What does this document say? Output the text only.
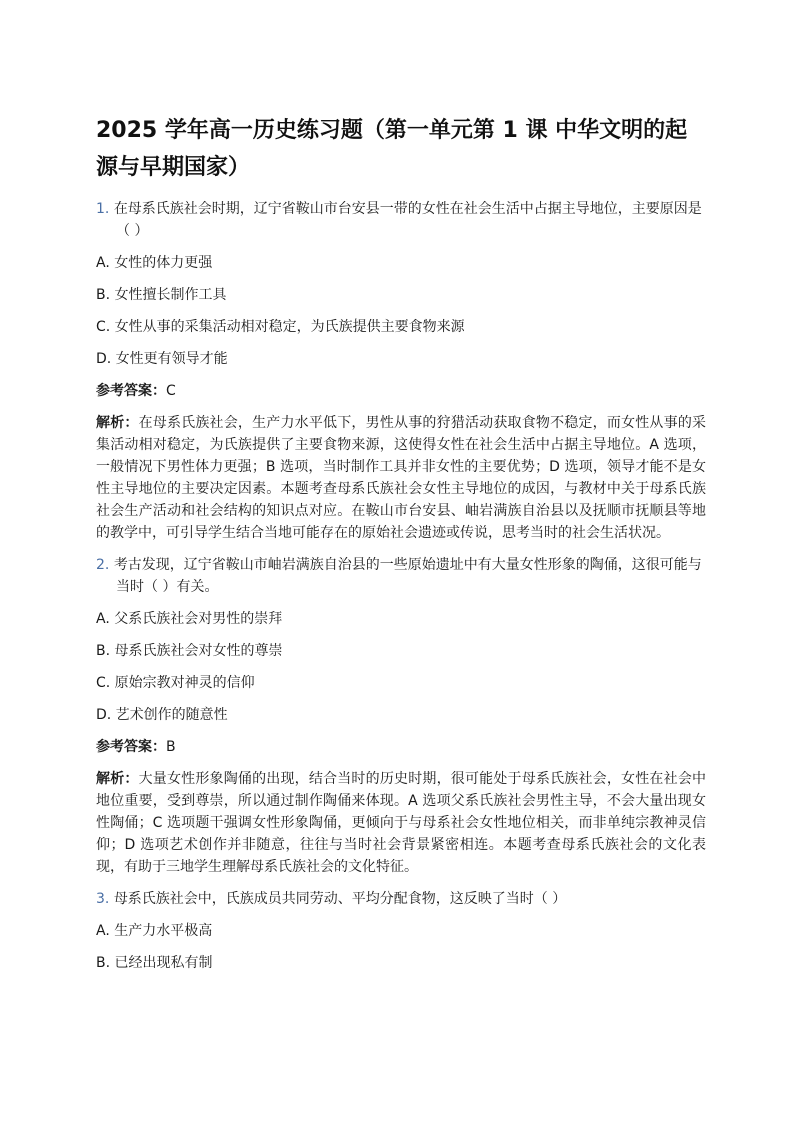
2025 学年高一历史练习题（第一单元第 1 课 中华文明的起源与早期国家）

1. 在母系氏族社会时期，辽宁省鞍山市台安县一带的女性在社会生活中占据主导地位，主要原因是（ ）

A. 女性的体力更强

B. 女性擅长制作工具

C. 女性从事的采集活动相对稳定，为氏族提供主要食物来源

D. 女性更有领导才能

参考答案：C

解析：在母系氏族社会，生产力水平低下，男性从事的狩猎活动获取食物不稳定，而女性从事的采集活动相对稳定，为氏族提供了主要食物来源，这使得女性在社会生活中占据主导地位。A 选项，一般情况下男性体力更强；B 选项，当时制作工具并非女性的主要优势；D 选项，领导才能不是女性主导地位的主要决定因素。本题考查母系氏族社会女性主导地位的成因，与教材中关于母系氏族社会生产活动和社会结构的知识点对应。在鞍山市台安县、岫岩满族自治县以及抚顺市抚顺县等地的教学中，可引导学生结合当地可能存在的原始社会遗迹或传说，思考当时的社会生活状况。

2. 考古发现，辽宁省鞍山市岫岩满族自治县的一些原始遗址中有大量女性形象的陶俑，这很可能与当时（ ）有关。

A. 父系氏族社会对男性的崇拜

B. 母系氏族社会对女性的尊崇

C. 原始宗教对神灵的信仰

D. 艺术创作的随意性

参考答案：B

解析：大量女性形象陶俑的出现，结合当时的历史时期，很可能处于母系氏族社会，女性在社会中地位重要，受到尊崇，所以通过制作陶俑来体现。A 选项父系氏族社会男性主导，不会大量出现女性陶俑；C 选项题干强调女性形象陶俑，更倾向于与母系社会女性地位相关，而非单纯宗教神灵信仰；D 选项艺术创作并非随意，往往与当时社会背景紧密相连。本题考查母系氏族社会的文化表现，有助于三地学生理解母系氏族社会的文化特征。

3. 母系氏族社会中，氏族成员共同劳动、平均分配食物，这反映了当时（ ）

A. 生产力水平极高

B. 已经出现私有制
